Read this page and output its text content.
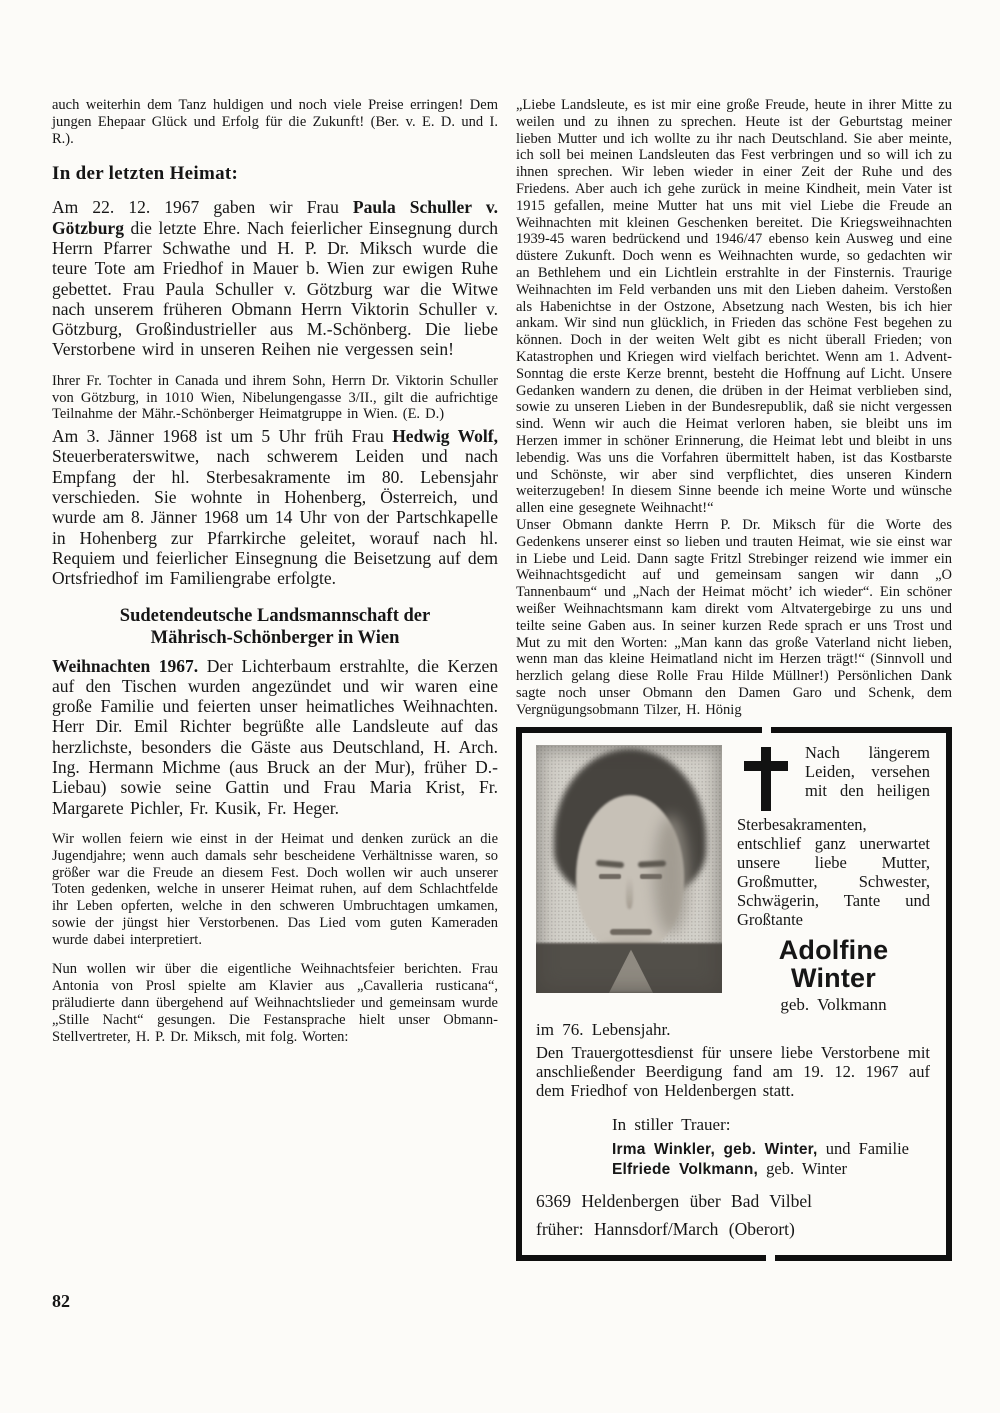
auch weiterhin dem Tanz huldigen und noch viele Preise erringen! Dem jungen Ehepaar Glück und Erfolg für die Zukunft! (Ber. v. E. D. und I. R.).

In der letzten Heimat:

Am 22. 12. 1967 gaben wir Frau Paula Schuller v. Götzburg die letzte Ehre. Nach feierlicher Einsegnung durch Herrn Pfarrer Schwathe und H. P. Dr. Miksch wurde die teure Tote am Friedhof in Mauer b. Wien zur ewigen Ruhe gebettet. Frau Paula Schuller v. Götzburg war die Witwe nach unserem früheren Obmann Herrn Viktorin Schuller v. Götzburg, Großindustrieller aus M.-Schönberg. Die liebe Verstorbene wird in unseren Reihen nie vergessen sein!

Ihrer Fr. Tochter in Canada und ihrem Sohn, Herrn Dr. Viktorin Schuller von Götzburg, in 1010 Wien, Nibelungengasse 3/II., gilt die aufrichtige Teilnahme der Mähr.-Schönberger Heimatgruppe in Wien. (E. D.)

Am 3. Jänner 1968 ist um 5 Uhr früh Frau Hedwig Wolf, Steuerberaterswitwe, nach schwerem Leiden und nach Empfang der hl. Sterbesakramente im 80. Lebensjahr verschieden. Sie wohnte in Hohenberg, Österreich, und wurde am 8. Jänner 1968 um 14 Uhr von der Partschkapelle in Hohenberg zur Pfarrkirche geleitet, worauf nach hl. Requiem und feierlicher Einsegnung die Beisetzung auf dem Ortsfriedhof im Familiengrabe erfolgte.

Sudetendeutsche Landsmannschaft der
Mährisch-Schönberger in Wien

Weihnachten 1967. Der Lichterbaum erstrahlte, die Kerzen auf den Tischen wurden angezündet und wir waren eine große Familie und feierten unser heimatliches Weihnachten. Herr Dir. Emil Richter begrüßte alle Landsleute auf das herzlichste, besonders die Gäste aus Deutschland, H. Arch. Ing. Hermann Michme (aus Bruck an der Mur), früher D.-Liebau) sowie seine Gattin und Frau Maria Krist, Fr. Margarete Pichler, Fr. Kusik, Fr. Heger.

Wir wollen feiern wie einst in der Heimat und denken zurück an die Jugendjahre; wenn auch damals sehr bescheidene Verhältnisse waren, so größer war die Freude an diesem Fest. Doch wollen wir auch unserer Toten gedenken, welche in unserer Heimat ruhen, auf dem Schlachtfelde ihr Leben opferten, welche in den schweren Umbruchtagen umkamen, sowie der jüngst hier Verstorbenen. Das Lied vom guten Kameraden wurde dabei interpretiert.

Nun wollen wir über die eigentliche Weihnachtsfeier berichten. Frau Antonia von Prosl spielte am Klavier aus „Cavalleria rusticana“, präludierte dann übergehend auf Weihnachtslieder und gemeinsam wurde „Stille Nacht“ gesungen. Die Festansprache hielt unser Obmann-Stellvertreter, H. P. Dr. Miksch, mit folg. Worten:

„Liebe Landsleute, es ist mir eine große Freude, heute in ihrer Mitte zu weilen und zu ihnen zu sprechen. Heute ist der Geburtstag meiner lieben Mutter und ich wollte zu ihr nach Deutschland. Sie aber meinte, ich soll bei meinen Landsleuten das Fest verbringen und so will ich zu ihnen sprechen. Wir leben wieder in einer Zeit der Ruhe und des Friedens. Aber auch ich gehe zurück in meine Kindheit, mein Vater ist 1915 gefallen, meine Mutter hat uns mit viel Liebe die Freude an Weihnachten mit kleinen Geschenken bereitet. Die Kriegsweihnachten 1939-45 waren bedrückend und 1946/47 ebenso kein Ausweg und eine düstere Zukunft. Doch wenn es Weihnachten wurde, so gedachten wir an Bethlehem und ein Lichtlein erstrahlte in der Finsternis. Traurige Weihnachten im Feld verbanden uns mit den Lieben daheim. Verstoßen als Habenichtse in der Ostzone, Absetzung nach Westen, bis ich hier ankam. Wir sind nun glücklich, in Frieden das schöne Fest begehen zu können. Doch in der weiten Welt gibt es nicht überall Frieden; von Katastrophen und Kriegen wird vielfach berichtet. Wenn am 1. Advent-Sonntag die erste Kerze brennt, besteht die Hoffnung auf Licht. Unsere Gedanken wandern zu denen, die drüben in der Heimat verblieben sind, sowie zu unseren Lieben in der Bundesrepublik, daß sie nicht vergessen sind. Wenn wir auch die Heimat verloren haben, sie bleibt uns im Herzen immer in schöner Erinnerung, die Heimat lebt und bleibt in uns lebendig. Was uns die Vorfahren übermittelt haben, ist das Kostbarste und Schönste, wir aber sind verpflichtet, dies unseren Kindern weiterzugeben! In diesem Sinne beende ich meine Worte und wünsche allen eine gesegnete Weihnacht!“

Unser Obmann dankte Herrn P. Dr. Miksch für die Worte des Gedenkens unserer einst so lieben und trauten Heimat, wie sie einst war in Liebe und Leid. Dann sagte Fritzl Strebinger reizend wie immer ein Weihnachtsgedicht auf und gemeinsam sangen wir dann „O Tannenbaum“ und „Nach der Heimat möcht’ ich wieder“. Ein schöner weißer Weihnachtsmann kam direkt vom Altvatergebirge zu uns und teilte seine Gaben aus. In seiner kurzen Rede sprach er uns Trost und Mut zu mit den Worten: „Man kann das große Vaterland nicht lieben, wenn man das kleine Heimatland nicht im Herzen trägt!“ (Sinnvoll und herzlich gelang diese Rolle Frau Hilde Müllner!) Persönlichen Dank sagte noch unser Obmann den Damen Garo und Schenk, dem Vergnügungsobmann Tilzer, H. Hönig

Nach längerem Leiden, versehen mit den heiligen Sterbesakramenten, entschlief ganz unerwartet unsere liebe Mutter, Großmutter, Schwester, Schwägerin, Tante und Großtante

Adolfine Winter

geb. Volkmann

im 76. Lebensjahr.

Den Trauergottesdienst für unsere liebe Verstorbene mit anschließender Beerdigung fand am 19. 12. 1967 auf dem Friedhof von Heldenbergen statt.

In stiller Trauer:

Irma Winkler, geb. Winter, und Familie

Elfriede Volkmann, geb. Winter

6369 Heldenbergen über Bad Vilbel

früher: Hannsdorf/March (Oberort)

82
